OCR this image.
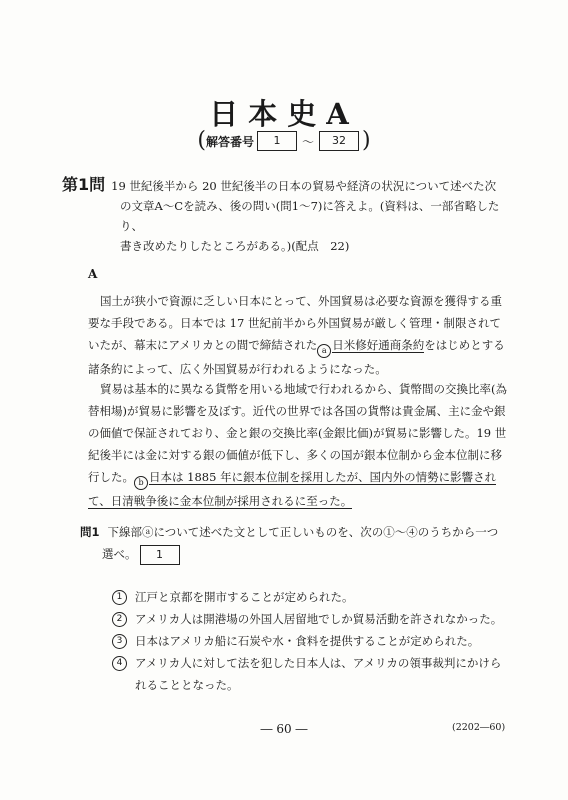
日本史A
( 解答番号	1	～	32 )
第1問 19 世紀後半から 20 世紀後半の日本の貿易や経済の状況について述べた次
の文章A～Cを読み、後の問い(問1～7)に答えよ。(資料は、一部省略したり、
書き改めたりしたところがある。)(配点　22)
A
国土が狭小で資源に乏しい日本にとって、外国貿易は必要な資源を獲得する重要な手段である。日本では 17 世紀前半から外国貿易が厳しく管理・制限されていたが、幕末にアメリカとの間で締結された a 日米修好通商条約をはじめとする諸条約によって、広く外国貿易が行われるようになった。
貿易は基本的に異なる貨幣を用いる地域で行われるから、貨幣間の交換比率(為替相場)が貿易に影響を及ぼす。近代の世界では各国の貨幣は貴金属、主に金や銀の価値で保証されており、金と銀の交換比率(金銀比価)が貿易に影響した。19 世紀後半には金に対する銀の価値が低下し、多くの国が銀本位制から金本位制に移行した。 b 日本は 1885 年に銀本位制を採用したが、国内外の情勢に影響されて、日清戦争後に金本位制が採用されるに至った。
問1 下線部ⓐについて述べた文として正しいものを、次の①～④のうちから一つ
選べ。 1
1	江戸と京都を開市することが定められた。
2	アメリカ人は開港場の外国人居留地でしか貿易活動を許されなかった。
3	日本はアメリカ船に石炭や水・食料を提供することが定められた。
4	アメリカ人に対して法を犯した日本人は、アメリカの領事裁判にかけられることとなった。
― 60 ―	(2202―60)
